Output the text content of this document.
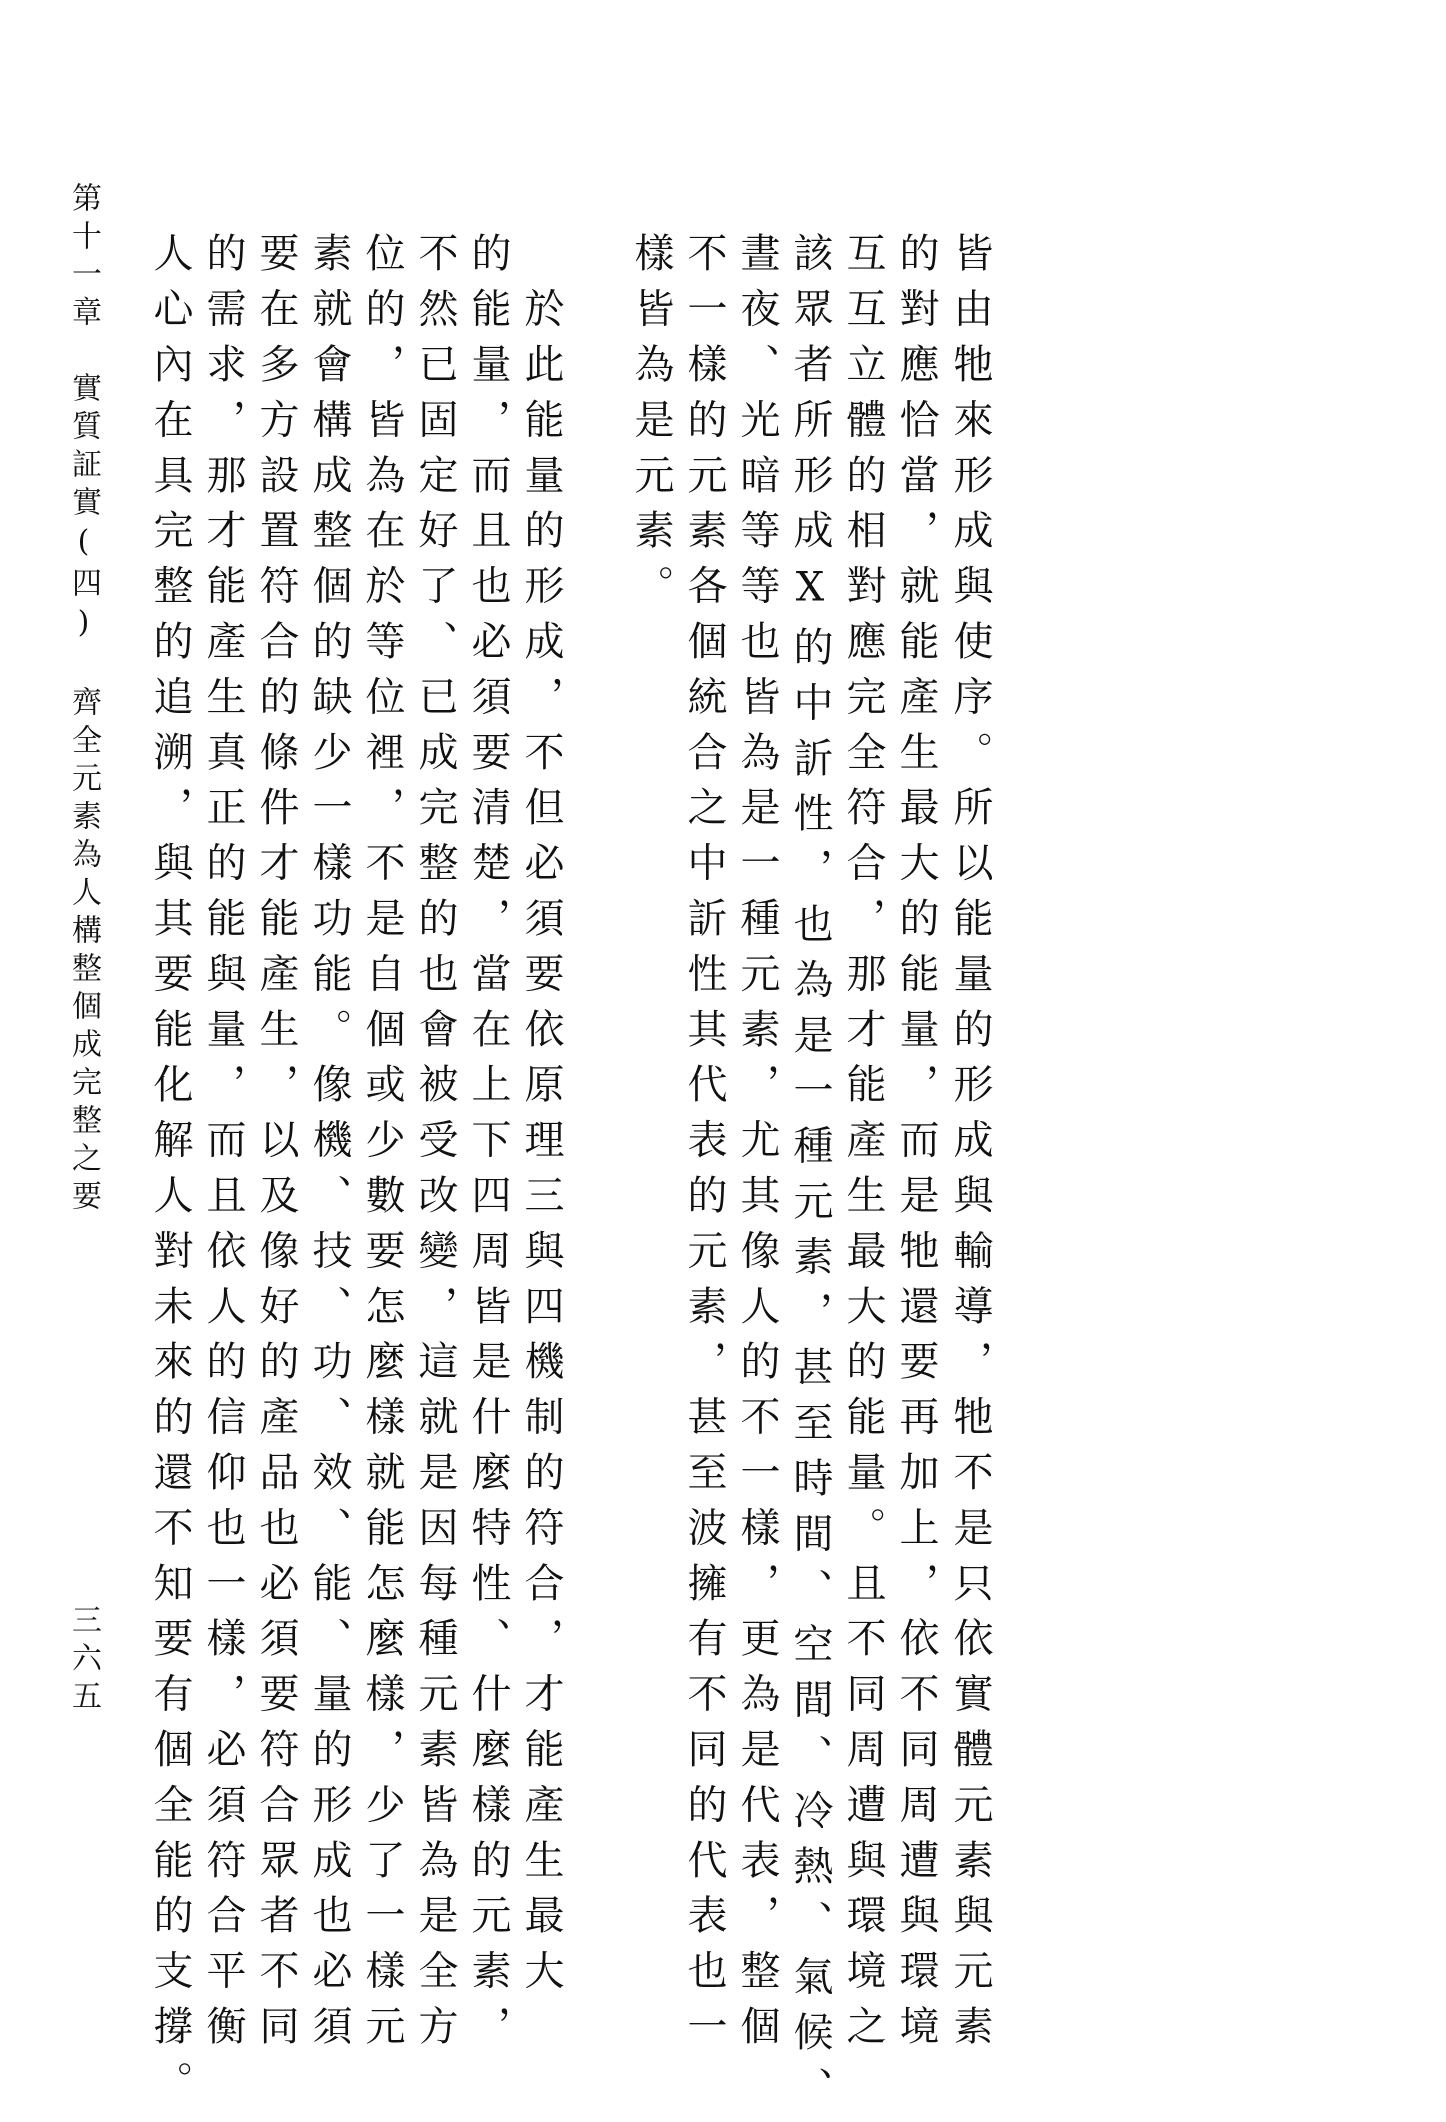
皆由牠來形成與使序。所以能量的形成與輸導，牠不是只依實體元素與元素
的對應恰當，就能產生最大的能量，而是牠還要再加上，依不同周遭與環境
互互立體的相對應完全符合，那才能產生最大的能量。且不同周遭與環境之
該眾者所形成X的中訢性，也為是一種元素，甚至時間、空間、冷熱、氣候、
晝夜、光暗等等也皆為是一種元素，尤其像人的不一樣，更為是代表，整個
不一樣的元素各個統合之中訢性其代表的元素，甚至波擁有不同的代表也一
樣皆為是元素。
　於此能量的形成，不但必須要依原理三與四機制的符合，才能產生最大
的能量，而且也必須要清楚，當在上下四周皆是什麼特性、什麼樣的元素，
不然已固定好了、已成完整的也會被受改變，這就是因每種元素皆為是全方
位的，皆為在於等位裡，不是自個或少數要怎麼樣就能怎麼樣，少了一樣元
素就會構成整個的缺少一樣功能。像機、技、功、效、能、量的形成也必須
要在多方設置符合的條件才能產生，以及像好的產品也必須要符合眾者不同
的需求，那才能產生真正的能與量，而且依人的信仰也一樣，必須符合平衡
人心內在具完整的追溯，與其要能化解人對未來的還不知要有個全能的支撐。
第十一章　實質証實(四)　齊全元素為人構整個成完整之要
三六五
